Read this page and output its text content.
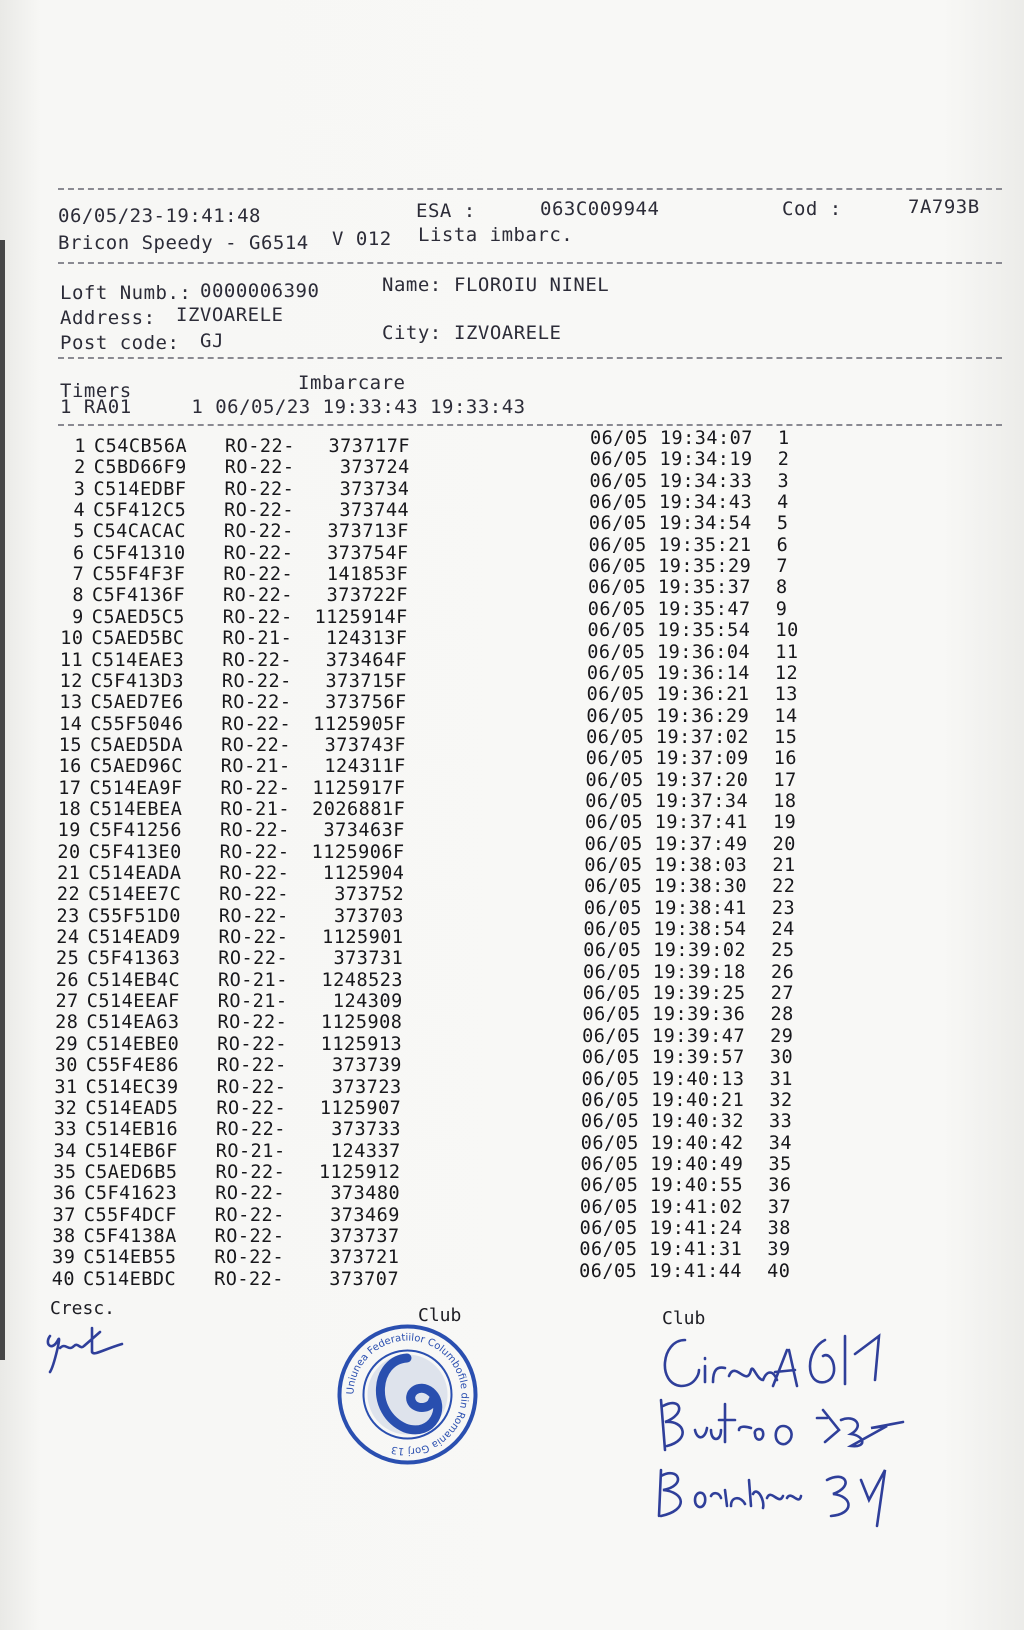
06/05/23-19:41:48	ESA :	063C009944	Cod :	7A793B
Bricon Speedy - G6514 V 012 Lista imbarc.
Loft Numb.: 0000006390	Name: FLOROIU NINEL
Address: IZVOARELE
Post code: GJ	City: IZVOARELE
Imbarcare
Timers
1 RA01     1 06/05/23 19:33:43 19:33:43
1 C54CB56A RO-22-	373717F	06/05 19:34:07 1
2 C5BD66F9 RO-22-	373724	06/05 19:34:19 2
3 C514EDBF RO-22-	373734	06/05 19:34:33 3
4 C5F412C5 RO-22-	373744	06/05 19:34:43 4
5 C54CACAC RO-22-	373713F	06/05 19:34:54 5
6 C5F41310 RO-22-	373754F	06/05 19:35:21 6
7 C55F4F3F RO-22-	141853F	06/05 19:35:29 7
8 C5F4136F RO-22-	373722F	06/05 19:35:37 8
9 C5AED5C5 RO-22-	1125914F	06/05 19:35:47 9
10 C5AED5BC RO-21-	124313F	06/05 19:35:54 10
11 C514EAE3 RO-22-	373464F	06/05 19:36:04 11
12 C5F413D3 RO-22-	373715F	06/05 19:36:14 12
13 C5AED7E6 RO-22-	373756F	06/05 19:36:21 13
14 C55F5046 RO-22-	1125905F	06/05 19:36:29 14
15 C5AED5DA RO-22-	373743F	06/05 19:37:02 15
16 C5AED96C RO-21-	124311F	06/05 19:37:09 16
17 C514EA9F RO-22-	1125917F	06/05 19:37:20 17
18 C514EBEA RO-21-	2026881F	06/05 19:37:34 18
19 C5F41256 RO-22-	373463F	06/05 19:37:41 19
20 C5F413E0 RO-22-	1125906F	06/05 19:37:49 20
21 C514EADA RO-22-	1125904	06/05 19:38:03 21
22 C514EE7C RO-22-	373752	06/05 19:38:30 22
23 C55F51D0 RO-22-	373703	06/05 19:38:41 23
24 C514EAD9 RO-22-	1125901	06/05 19:38:54 24
25 C5F41363 RO-22-	373731	06/05 19:39:02 25
26 C514EB4C RO-21-	1248523	06/05 19:39:18 26
27 C514EEAF RO-21-	124309	06/05 19:39:25 27
28 C514EA63 RO-22-	1125908	06/05 19:39:36 28
29 C514EBE0 RO-22-	1125913	06/05 19:39:47 29
30 C55F4E86 RO-22-	373739	06/05 19:39:57 30
31 C514EC39 RO-22-	373723	06/05 19:40:13 31
32 C514EAD5 RO-22-	1125907	06/05 19:40:21 32
33 C514EB16 RO-22-	373733	06/05 19:40:32 33
34 C514EB6F RO-21-	124337	06/05 19:40:42 34
35 C5AED6B5 RO-22-	1125912	06/05 19:40:49 35
36 C5F41623 RO-22-	373480	06/05 19:40:55 36
37 C55F4DCF RO-22-	373469	06/05 19:41:02 37
38 C5F4138A RO-22-	373737	06/05 19:41:24 38
39 C514EB55 RO-22-	373721	06/05 19:41:31 39
40 C514EBDC RO-22-	373707	06/05 19:41:44 40
Cresc.	Club	Club
Uniunea Federatiilor Columbofile din Romania Gorj 13
